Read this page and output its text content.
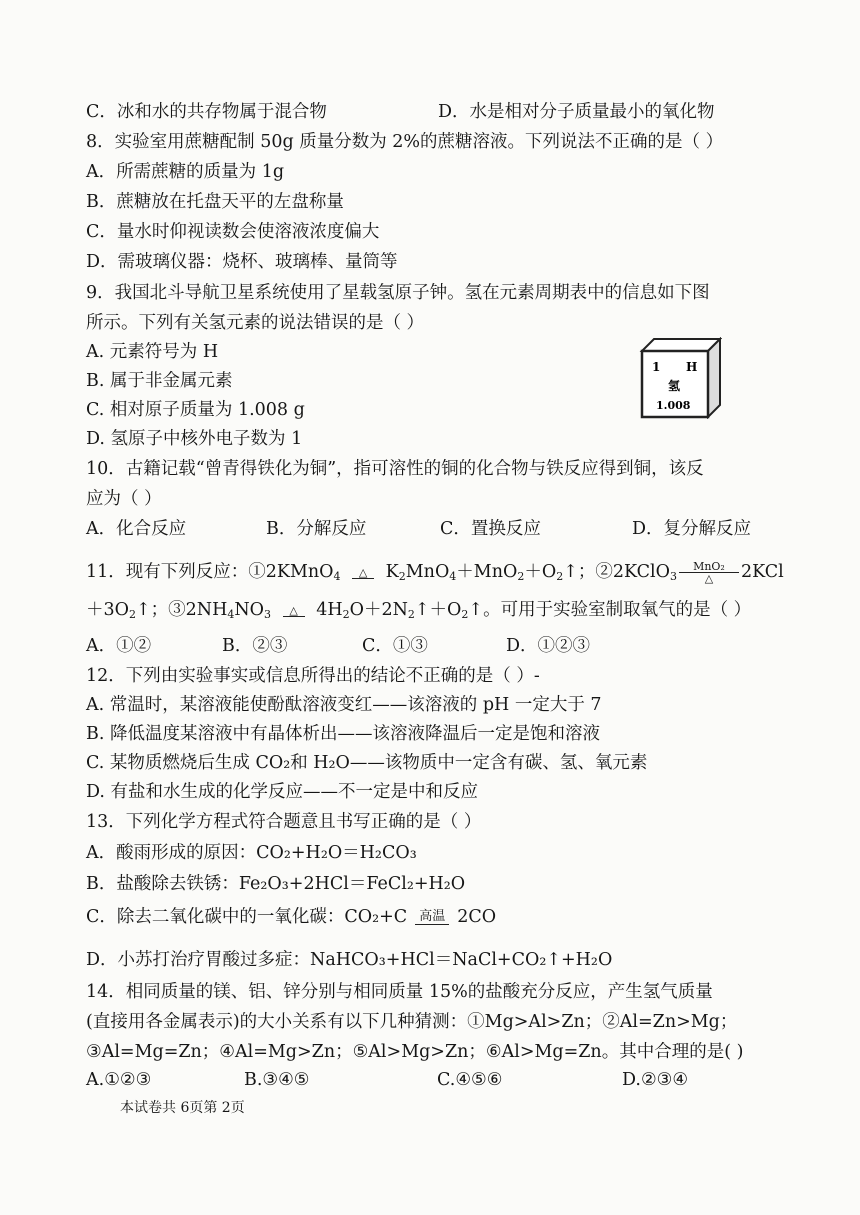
C．冰和水的共存物属于混合物	D．水是相对分子质量最小的氧化物
8．实验室用蔗糖配制 50g 质量分数为 2%的蔗糖溶液。下列说法不正确的是（ ）
A．所需蔗糖的质量为 1g
B．蔗糖放在托盘天平的左盘称量
C．量水时仰视读数会使溶液浓度偏大
D．需玻璃仪器：烧杯、玻璃棒、量筒等
9．我国北斗导航卫星系统使用了星载氢原子钟。氢在元素周期表中的信息如下图
所示。下列有关氢元素的说法错误的是（ ）
A. 元素符号为 H
B. 属于非金属元素
C. 相对原子质量为 1.008 g
D. 氢原子中核外电子数为 1
1 H
氢
1.008
10．古籍记载“曾青得铁化为铜”，指可溶性的铜的化合物与铁反应得到铜，该反
应为（ ）
A．化合反应	B．分解反应	C．置换反应	D．复分解反应
11．现有下列反应：①2KMnO$_4$	△	$K_2MnO_4+MnO_2+O_2↑$；②2KClO$_3$
MnO₂
△	2KCl
$+3O_2↑$；$③2NH_4NO_3$	△	$4H_2O+2N_2↑+O_2↑$。可用于实验室制取氧气的是（ ）
A．①②	B．②③	C．①③	D．①②③
12．下列由实验事实或信息所得出的结论不正确的是（ ）-
A. 常温时，某溶液能使酚酞溶液变红——该溶液的 pH 一定大于 7
B. 降低温度某溶液中有晶体析出——该溶液降温后一定是饱和溶液
C. 某物质燃烧后生成 CO₂和 H₂O——该物质中一定含有碳、氢、氧元素
D. 有盐和水生成的化学反应——不一定是中和反应
13．下列化学方程式符合题意且书写正确的是（ ）
A．酸雨形成的原因：CO₂+H₂O＝H₂CO₃
B．盐酸除去铁锈：Fe₂O₃+2HCl＝FeCl₂+H₂O
C．除去二氧化碳中的一氧化碳：CO₂+C 高温 2CO
D．小苏打治疗胃酸过多症：NaHCO₃+HCl＝NaCl+CO₂↑+H₂O
14．相同质量的镁、铝、锌分别与相同质量 15%的盐酸充分反应，产生氢气质量
(直接用各金属表示)的大小关系有以下几种猜测：①Mg>Al>Zn；②Al=Zn>Mg；
③Al=Mg=Zn；④Al=Mg>Zn；⑤Al>Mg>Zn；⑥Al>Mg=Zn。其中合理的是( )
A.①②③	B.③④⑤	C.④⑤⑥	D.②③④
本试卷共 6页第 2页
